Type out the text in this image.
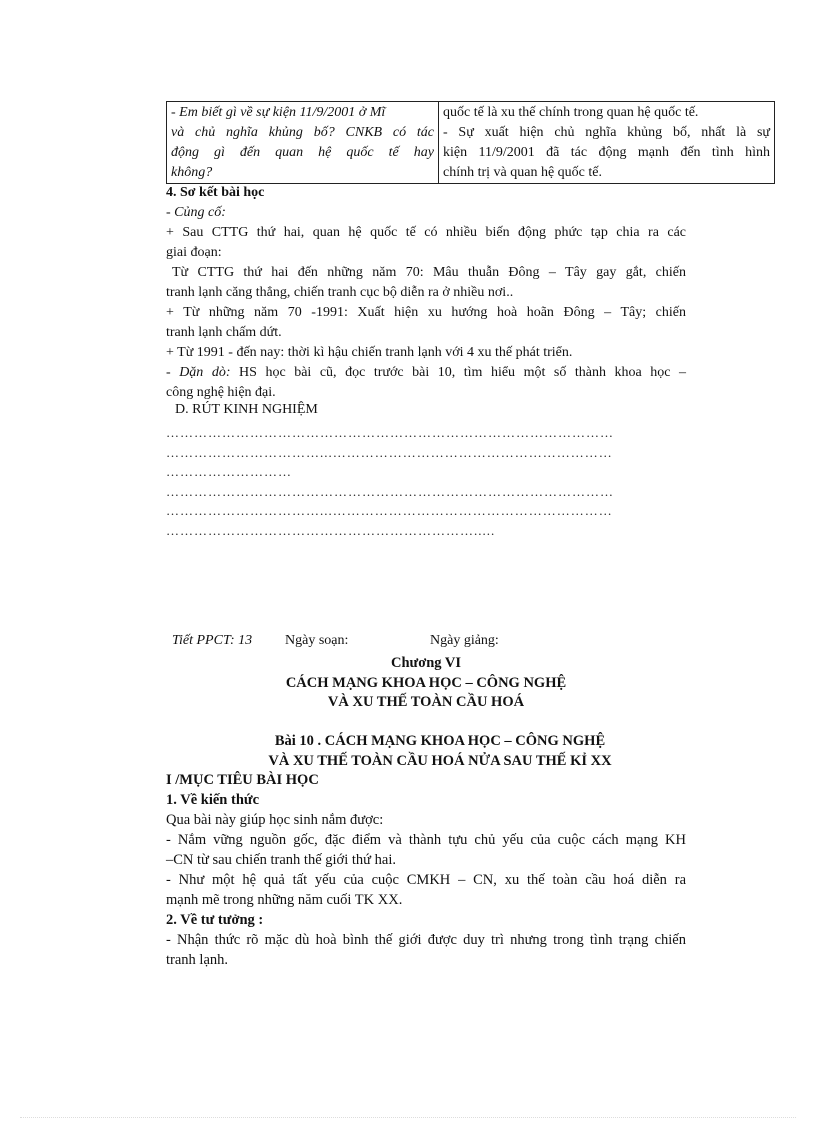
- Em biết gì về sự kiện 11/9/2001 ở Mĩ
và chủ nghĩa khủng bố? CNKB có tác
động gì đến quan hệ quốc tế hay
không?

quốc tế là xu thế chính trong quan hệ quốc tế.
- Sự xuất hiện chủ nghĩa khủng bố, nhất là sự
kiện 11/9/2001 đã tác động mạnh đến tình hình
chính trị và quan hệ quốc tế.
4. Sơ kết bài học
- Củng cố:
+ Sau CTTG thứ hai, quan hệ quốc tế có nhiều biến động phức tạp chia ra các
giai đoạn:
Từ CTTG thứ hai đến những năm 70: Mâu thuẫn Đông – Tây gay gắt, chiến
tranh lạnh căng thẳng, chiến tranh cục bộ diễn ra ở nhiều nơi..
+ Từ những năm 70 -1991: Xuất hiện xu hướng hoà hoãn Đông – Tây; chiến
tranh lạnh chấm dứt.
+ Từ 1991 - đến nay: thời kì hậu chiến tranh lạnh với 4 xu thế phát triển.
- Dặn dò: HS học bài cũ, đọc trước bài 10, tìm hiểu một số thành khoa học –
công nghệ hiện đại.
D. RÚT KINH NGHIỆM
……………………………………………………………………………………
……………………………...……………………………………………………
………………………
……………………………………………………………………………………
……………………………...……………………………………………………
………………………………………………………….....
Tiết PPCT: 13 Ngày soạn:	Ngày giảng:
Chương VI
CÁCH MẠNG KHOA HỌC – CÔNG NGHỆ
VÀ XU THẾ TOÀN CẦU HOÁ
Bài 10 . CÁCH MẠNG KHOA HỌC – CÔNG NGHỆ
VÀ XU THẾ TOÀN CẦU HOÁ NỬA SAU THẾ KỈ XX
I /MỤC TIÊU BÀI HỌC
1. Về kiến thức
Qua bài này giúp học sinh nắm được:
- Nắm vững nguồn gốc, đặc điểm và thành tựu chủ yếu của cuộc cách mạng KH
–CN từ sau chiến tranh thế giới thứ hai.
- Như một hệ quả tất yếu của cuộc CMKH – CN, xu thế toàn cầu hoá diễn ra
mạnh mẽ trong những năm cuối TK XX.
2. Về tư tưởng :
- Nhận thức rõ mặc dù hoà bình thế giới được duy trì nhưng trong tình trạng chiến
tranh lạnh.
